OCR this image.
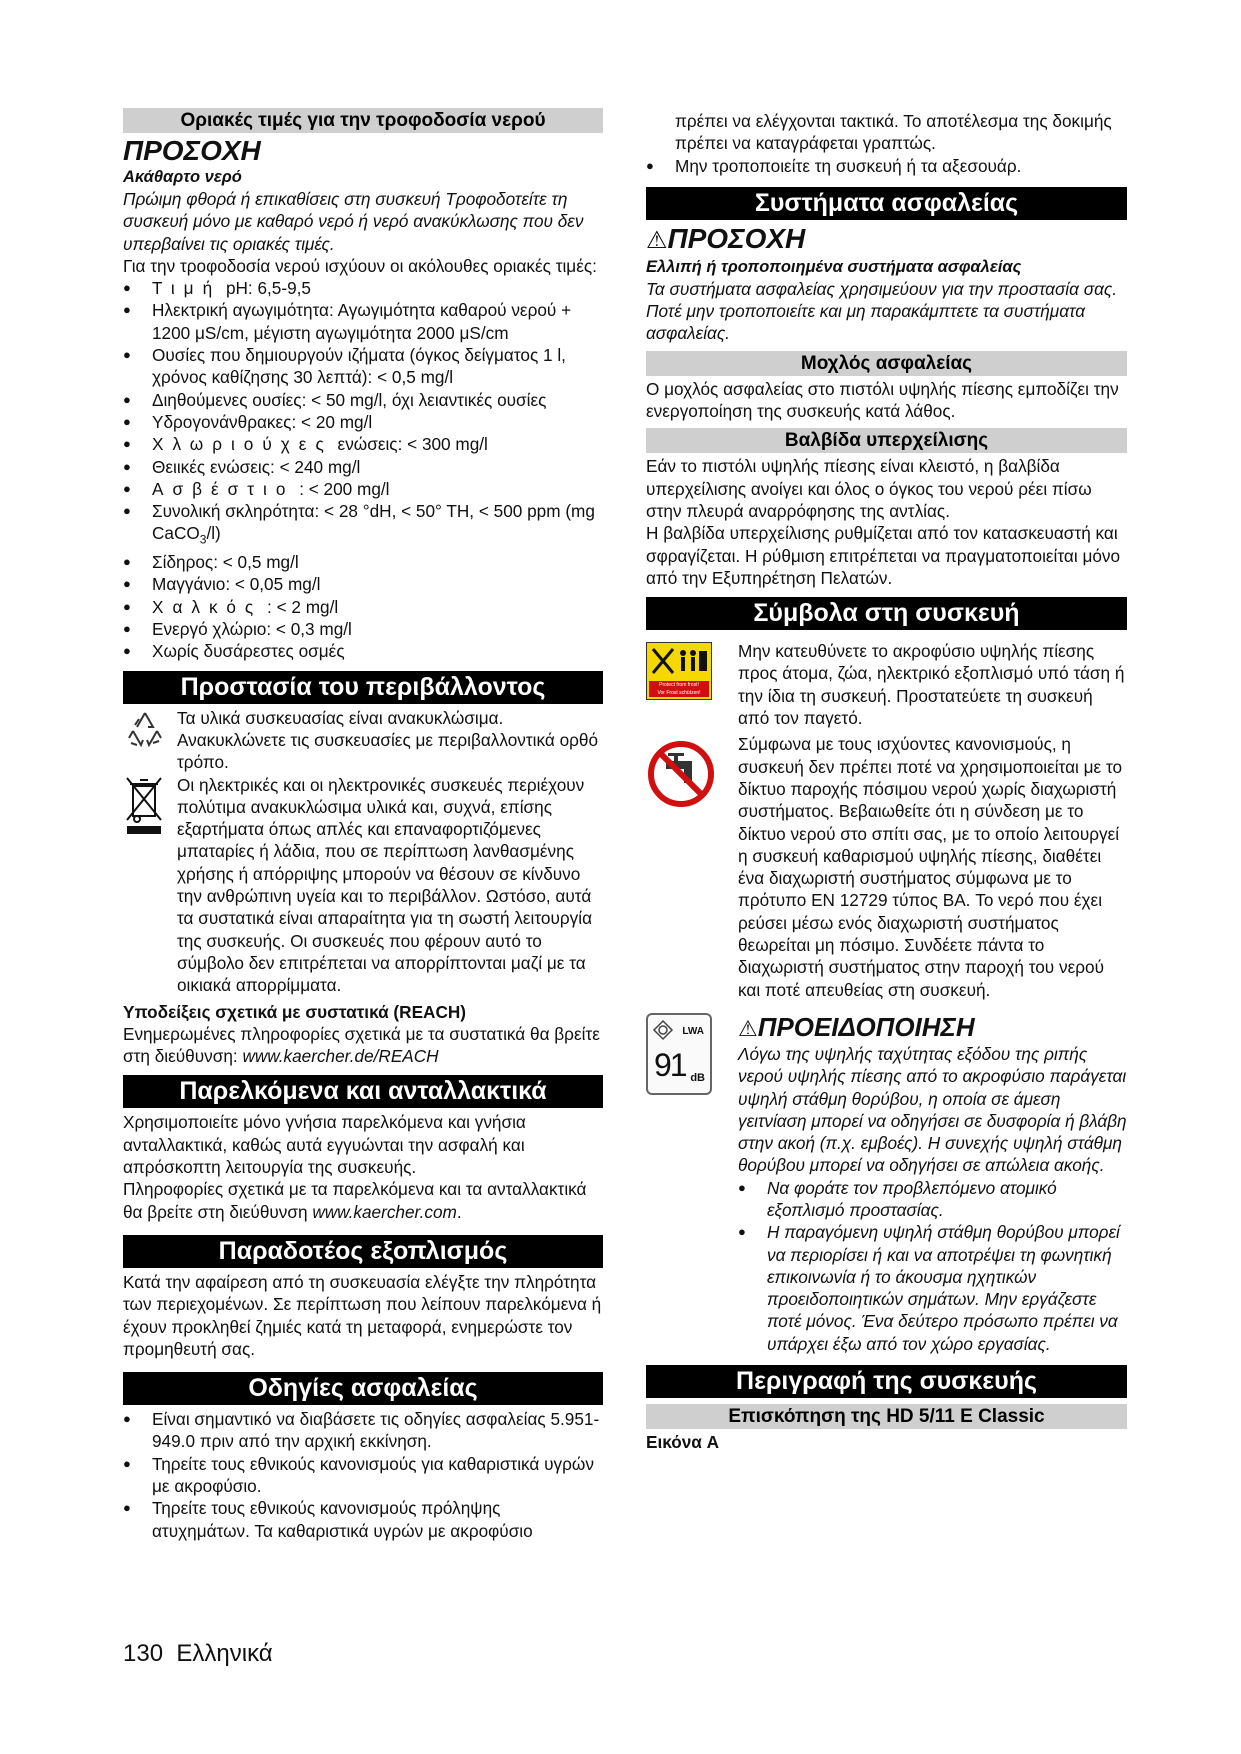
Οριακές τιμές για την τροφοδοσία νερού
ΠΡΟΣΟΧΗ

Ακάθαρτο νερό

Πρώιμη φθορά ή επικαθίσεις στη συσκευή Τροφοδοτείτε τη συσκευή μόνο με καθαρό νερό ή νερό ανακύκλωσης που δεν υπερβαίνει τις οριακές τιμές.

Για την τροφοδοσία νερού ισχύουν οι ακόλουθες οριακές τιμές:

● Τιμή pH: 6,5-9,5
● Ηλεκτρική αγωγιμότητα: Αγωγιμότητα καθαρού νερού + 1200 μS/cm, μέγιστη αγωγιμότητα 2000 μS/cm
● Ουσίες που δημιουργούν ιζήματα (όγκος δείγματος 1 l, χρόνος καθίζησης 30 λεπτά): < 0,5 mg/l
● Διηθούμενες ουσίες: < 50 mg/l, όχι λειαντικές ουσίες
● Υδρογονάνθρακες: < 20 mg/l
● Χλωριούχες ενώσεις: < 300 mg/l
● Θειικές ενώσεις: < 240 mg/l
● Ασβέστιο : < 200 mg/l
● Συνολική σκληρότητα: < 28 °dH, < 50° TH, < 500 ppm (mg CaCO$_3$/l)
● Σίδηρος: < 0,5 mg/l
● Μαγγάνιο: < 0,05 mg/l
● Χαλκός : < 2 mg/l
● Ενεργό χλώριο: < 0,3 mg/l
● Χωρίς δυσάρεστες οσμές
Προστασία του περιβάλλοντος

Τα υλικά συσκευασίας είναι ανακυκλώσιμα. Ανακυκλώνετε τις συσκευασίες με περιβαλλοντικά ορθό τρόπο.

Οι ηλεκτρικές και οι ηλεκτρονικές συσκευές περιέχουν πολύτιμα ανακυκλώσιμα υλικά και, συχνά, επίσης εξαρτήματα όπως απλές και επαναφορτιζόμενες μπαταρίες ή λάδια, που σε περίπτωση λανθασμένης χρήσης ή απόρριψης μπορούν να θέσουν σε κίνδυνο την ανθρώπινη υγεία και το περιβάλλον. Ωστόσο, αυτά τα συστατικά είναι απαραίτητα για τη σωστή λειτουργία της συσκευής. Οι συσκευές που φέρουν αυτό το σύμβολο δεν επιτρέπεται να απορρίπτονται μαζί με τα οικιακά απορρίμματα.

Υποδείξεις σχετικά με συστατικά (REACH)

Ενημερωμένες πληροφορίες σχετικά με τα συστατικά θα βρείτε στη διεύθυνση: www.kaercher.de/REACH

Παρελκόμενα και ανταλλακτικά

Χρησιμοποιείτε μόνο γνήσια παρελκόμενα και γνήσια ανταλλακτικά, καθώς αυτά εγγυώνται την ασφαλή και απρόσκοπτη λειτουργία της συσκευής.

Πληροφορίες σχετικά με τα παρελκόμενα και τα ανταλλακτικά θα βρείτε στη διεύθυνση www.kaercher.com.

Παραδοτέος εξοπλισμός

Κατά την αφαίρεση από τη συσκευασία ελέγξτε την πληρότητα των περιεχομένων. Σε περίπτωση που λείπουν παρελκόμενα ή έχουν προκληθεί ζημιές κατά τη μεταφορά, ενημερώστε τον προμηθευτή σας.

Οδηγίες ασφαλείας
● Είναι σημαντικό να διαβάσετε τις οδηγίες ασφαλείας 5.951-949.0 πριν από την αρχική εκκίνηση.
● Τηρείτε τους εθνικούς κανονισμούς για καθαριστικά υγρών με ακροφύσιο.
● Τηρείτε τους εθνικούς κανονισμούς πρόληψης ατυχημάτων. Τα καθαριστικά υγρών με ακροφύσιο

πρέπει να ελέγχονται τακτικά. Το αποτέλεσμα της δοκιμής πρέπει να καταγράφεται γραπτώς.

● Μην τροποποιείτε τη συσκευή ή τα αξεσουάρ.
Συστήματα ασφαλείας
⚠ΠΡΟΣΟΧΗ

Ελλιπή ή τροποποιημένα συστήματα ασφαλείας

Τα συστήματα ασφαλείας χρησιμεύουν για την προστασία σας.

Ποτέ μην τροποποιείτε και μη παρακάμπτετε τα συστήματα ασφαλείας.

Μοχλός ασφαλείας

Ο μοχλός ασφαλείας στο πιστόλι υψηλής πίεσης εμποδίζει την ενεργοποίηση της συσκευής κατά λάθος.

Βαλβίδα υπερχείλισης

Εάν το πιστόλι υψηλής πίεσης είναι κλειστό, η βαλβίδα υπερχείλισης ανοίγει και όλος ο όγκος του νερού ρέει πίσω στην πλευρά αναρρόφησης της αντλίας.

Η βαλβίδα υπερχείλισης ρυθμίζεται από τον κατασκευαστή και σφραγίζεται. Η ρύθμιση επιτρέπεται να πραγματοποιείται μόνο από την Εξυπηρέτηση Πελατών.

Σύμβολα στη συσκευή
Protect from frost!
Vor Frost schützen!

Μην κατευθύνετε το ακροφύσιο υψηλής πίεσης προς άτομα, ζώα, ηλεκτρικό εξοπλισμό υπό τάση ή την ίδια τη συσκευή. Προστατεύετε τη συσκευή από τον παγετό.

Σύμφωνα με τους ισχύοντες κανονισμούς, η συσκευή δεν πρέπει ποτέ να χρησιμοποιείται με το δίκτυο παροχής πόσιμου νερού χωρίς διαχωριστή συστήματος. Βεβαιωθείτε ότι η σύνδεση με το δίκτυο νερού στο σπίτι σας, με το οποίο λειτουργεί η συσκευή καθαρισμού υψηλής πίεσης, διαθέτει ένα διαχωριστή συστήματος σύμφωνα με το πρότυπο EN 12729 τύπος BA. Το νερό που έχει ρεύσει μέσω ενός διαχωριστή συστήματος θεωρείται μη πόσιμο. Συνδέετε πάντα το διαχωριστή συστήματος στην παροχή του νερού και ποτέ απευθείας στη συσκευή.

LWA
91 dB
⚠ΠΡΟΕΙΔΟΠΟΙΗΣΗ

Λόγω της υψηλής ταχύτητας εξόδου της ριπής νερού υψηλής πίεσης από το ακροφύσιο παράγεται υψηλή στάθμη θορύβου, η οποία σε άμεση γειτνίαση μπορεί να οδηγήσει σε δυσφορία ή βλάβη στην ακοή (π.χ. εμβοές). Η συνεχής υψηλή στάθμη θορύβου μπορεί να οδηγήσει σε απώλεια ακοής.

● Να φοράτε τον προβλεπόμενο ατομικό εξοπλισμό προστασίας.
● Η παραγόμενη υψηλή στάθμη θορύβου μπορεί να περιορίσει ή και να αποτρέψει τη φωνητική επικοινωνία ή το άκουσμα ηχητικών προειδοποιητικών σημάτων. Μην εργάζεστε ποτέ μόνος. Ένα δεύτερο πρόσωπο πρέπει να υπάρχει έξω από τον χώρο εργασίας.
Περιγραφή της συσκευής
Επισκόπηση της HD 5/11 E Classic

Εικόνα A

130 Ελληνικά
